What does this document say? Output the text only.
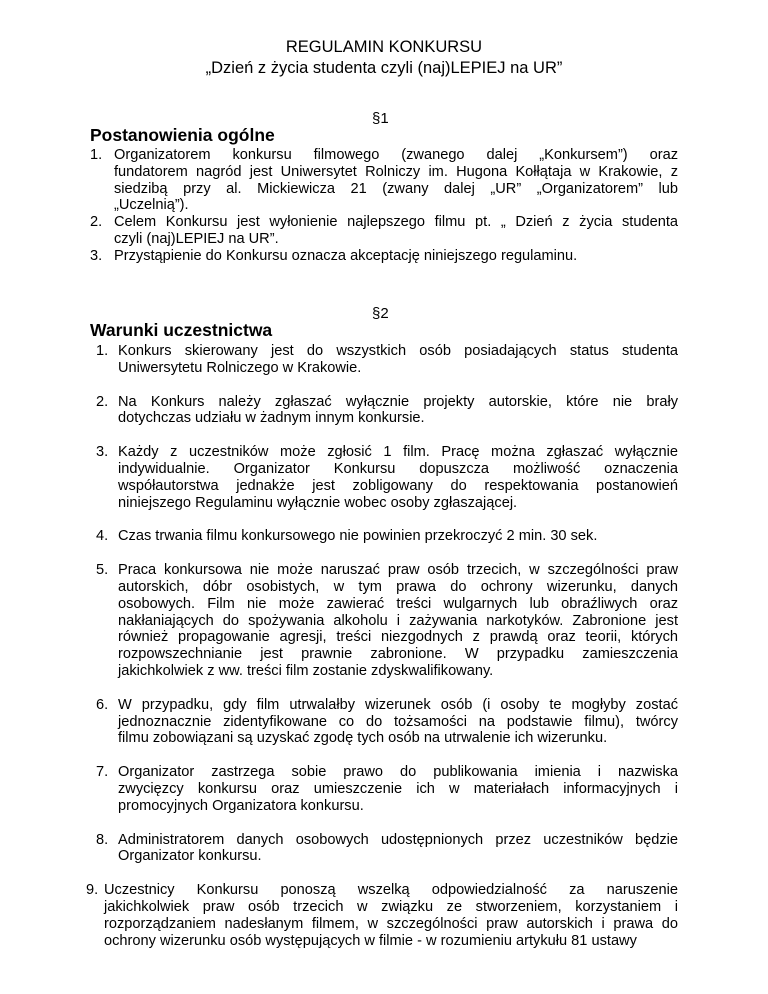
REGULAMIN KONKURSU
„Dzień z życia studenta czyli (naj)LEPIEJ na UR”
§1
Postanowienia ogólne
1. Organizatorem konkursu filmowego (zwanego dalej „Konkursem”) oraz
fundatorem nagród jest Uniwersytet Rolniczy im. Hugona Kołłątaja w Krakowie, z
siedzibą przy al. Mickiewicza 21 (zwany dalej „UR” „Organizatorem” lub
„Uczelnią”).
2. Celem Konkursu jest wyłonienie najlepszego filmu pt. „ Dzień z życia studenta
czyli (naj)LEPIEJ na UR”.
3. Przystąpienie do Konkursu oznacza akceptację niniejszego regulaminu.
§2
Warunki uczestnictwa
1. Konkurs skierowany jest do wszystkich osób posiadających status studenta
Uniwersytetu Rolniczego w Krakowie.
2. Na Konkurs należy zgłaszać wyłącznie projekty autorskie, które nie brały
dotychczas udziału w żadnym innym konkursie.
3. Każdy z uczestników może zgłosić 1 film. Pracę można zgłaszać wyłącznie
indywidualnie. Organizator Konkursu dopuszcza możliwość oznaczenia
współautorstwa jednakże jest zobligowany do respektowania postanowień
niniejszego Regulaminu wyłącznie wobec osoby zgłaszającej.
4. Czas trwania filmu konkursowego nie powinien przekroczyć 2 min. 30 sek.
5. Praca konkursowa nie może naruszać praw osób trzecich, w szczególności praw
autorskich, dóbr osobistych, w tym prawa do ochrony wizerunku, danych
osobowych. Film nie może zawierać treści wulgarnych lub obraźliwych oraz
nakłaniających do spożywania alkoholu i zażywania narkotyków. Zabronione jest
również propagowanie agresji, treści niezgodnych z prawdą oraz teorii, których
rozpowszechnianie jest prawnie zabronione. W przypadku zamieszczenia
jakichkolwiek z ww. treści film zostanie zdyskwalifikowany.
6. W przypadku, gdy film utrwalałby wizerunek osób (i osoby te mogłyby zostać
jednoznacznie zidentyfikowane co do tożsamości na podstawie filmu), twórcy
filmu zobowiązani są uzyskać zgodę tych osób na utrwalenie ich wizerunku.
7. Organizator zastrzega sobie prawo do publikowania imienia i nazwiska
zwycięzcy konkursu oraz umieszczenie ich w materiałach informacyjnych i
promocyjnych Organizatora konkursu.
8. Administratorem danych osobowych udostępnionych przez uczestników będzie
Organizator konkursu.
9. Uczestnicy Konkursu ponoszą wszelką odpowiedzialność za naruszenie
jakichkolwiek praw osób trzecich w związku ze stworzeniem, korzystaniem i
rozporządzaniem nadesłanym filmem, w szczególności praw autorskich i prawa do
ochrony wizerunku osób występujących w filmie - w rozumieniu artykułu 81 ustawy
